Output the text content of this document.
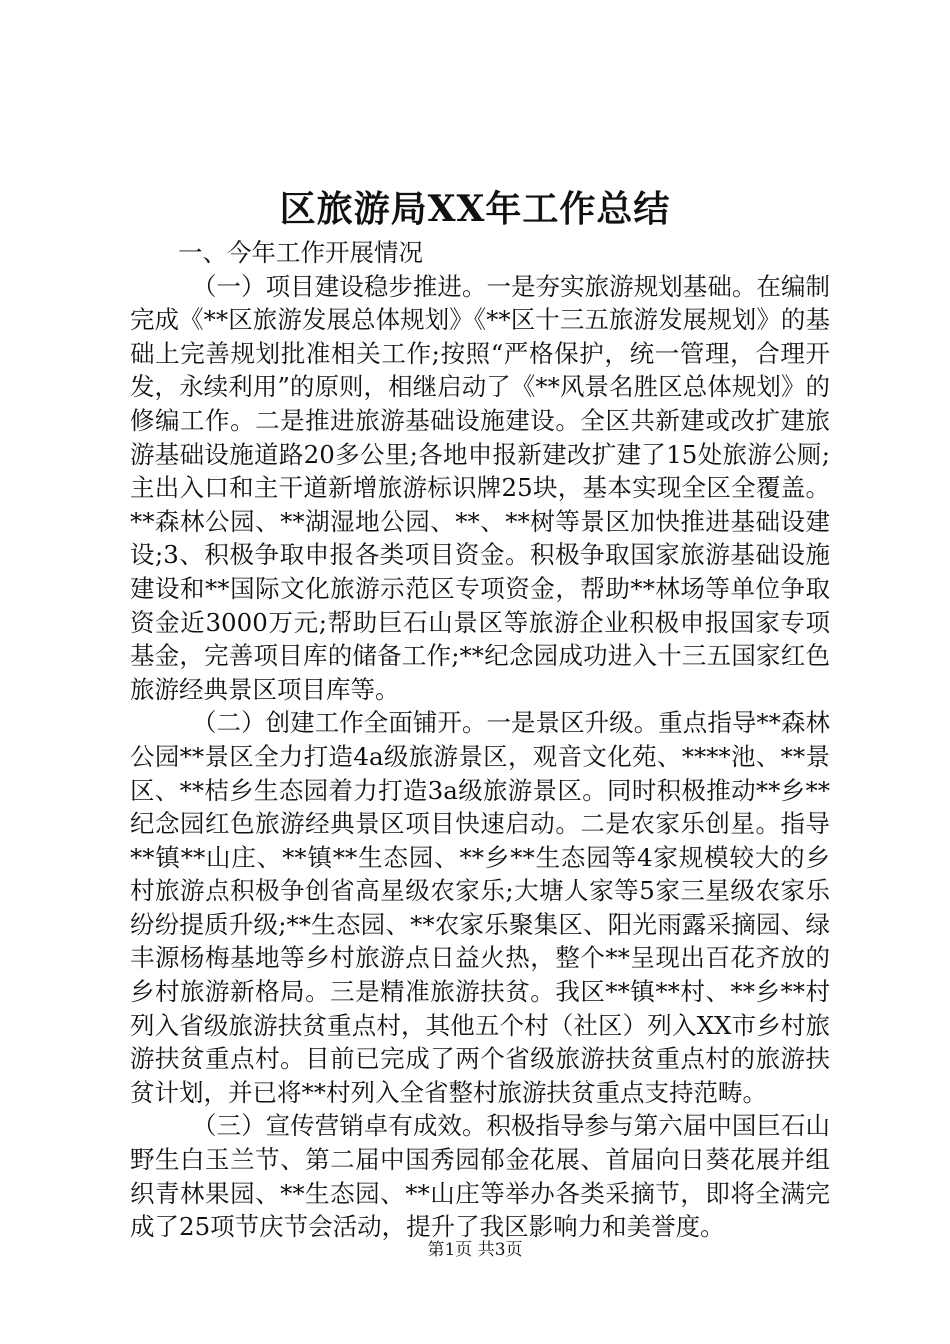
区旅游局XX年工作总结

一、今年工作开展情况

（一）项目建设稳步推进。一是夯实旅游规划基础。在编制完成《**区旅游发展总体规划》《**区十三五旅游发展规划》的基础上完善规划批准相关工作;按照“严格保护，统一管理，合理开发，永续利用”的原则，相继启动了《**风景名胜区总体规划》的修编工作。二是推进旅游基础设施建设。全区共新建或改扩建旅游基础设施道路20多公里;各地申报新建改扩建了15处旅游公厕;主出入口和主干道新增旅游标识牌25块，基本实现全区全覆盖。**森林公园、**湖湿地公园、**、**树等景区加快推进基础设建设;3、积极争取申报各类项目资金。积极争取国家旅游基础设施建设和**国际文化旅游示范区专项资金，帮助**林场等单位争取资金近3000万元;帮助巨石山景区等旅游企业积极申报国家专项基金，完善项目库的储备工作;**纪念园成功进入十三五国家红色旅游经典景区项目库等。

（二）创建工作全面铺开。一是景区升级。重点指导**森林公园**景区全力打造4a级旅游景区，观音文化苑、****池、**景区、**桔乡生态园着力打造3a级旅游景区。同时积极推动**乡**纪念园红色旅游经典景区项目快速启动。二是农家乐创星。指导**镇**山庄、**镇**生态园、**乡**生态园等4家规模较大的乡村旅游点积极争创省高星级农家乐;大塘人家等5家三星级农家乐纷纷提质升级;**生态园、**农家乐聚集区、阳光雨露采摘园、绿丰源杨梅基地等乡村旅游点日益火热，整个**呈现出百花齐放的乡村旅游新格局。三是精准旅游扶贫。我区**镇**村、**乡**村列入省级旅游扶贫重点村，其他五个村（社区）列入XX市乡村旅游扶贫重点村。目前已完成了两个省级旅游扶贫重点村的旅游扶贫计划，并已将**村列入全省整村旅游扶贫重点支持范畴。

（三）宣传营销卓有成效。积极指导参与第六届中国巨石山野生白玉兰节、第二届中国秀园郁金花展、首届向日葵花展并组织青林果园、**生态园、**山庄等举办各类采摘节，即将全满完成了25项节庆节会活动，提升了我区影响力和美誉度。

第1页 共3页
